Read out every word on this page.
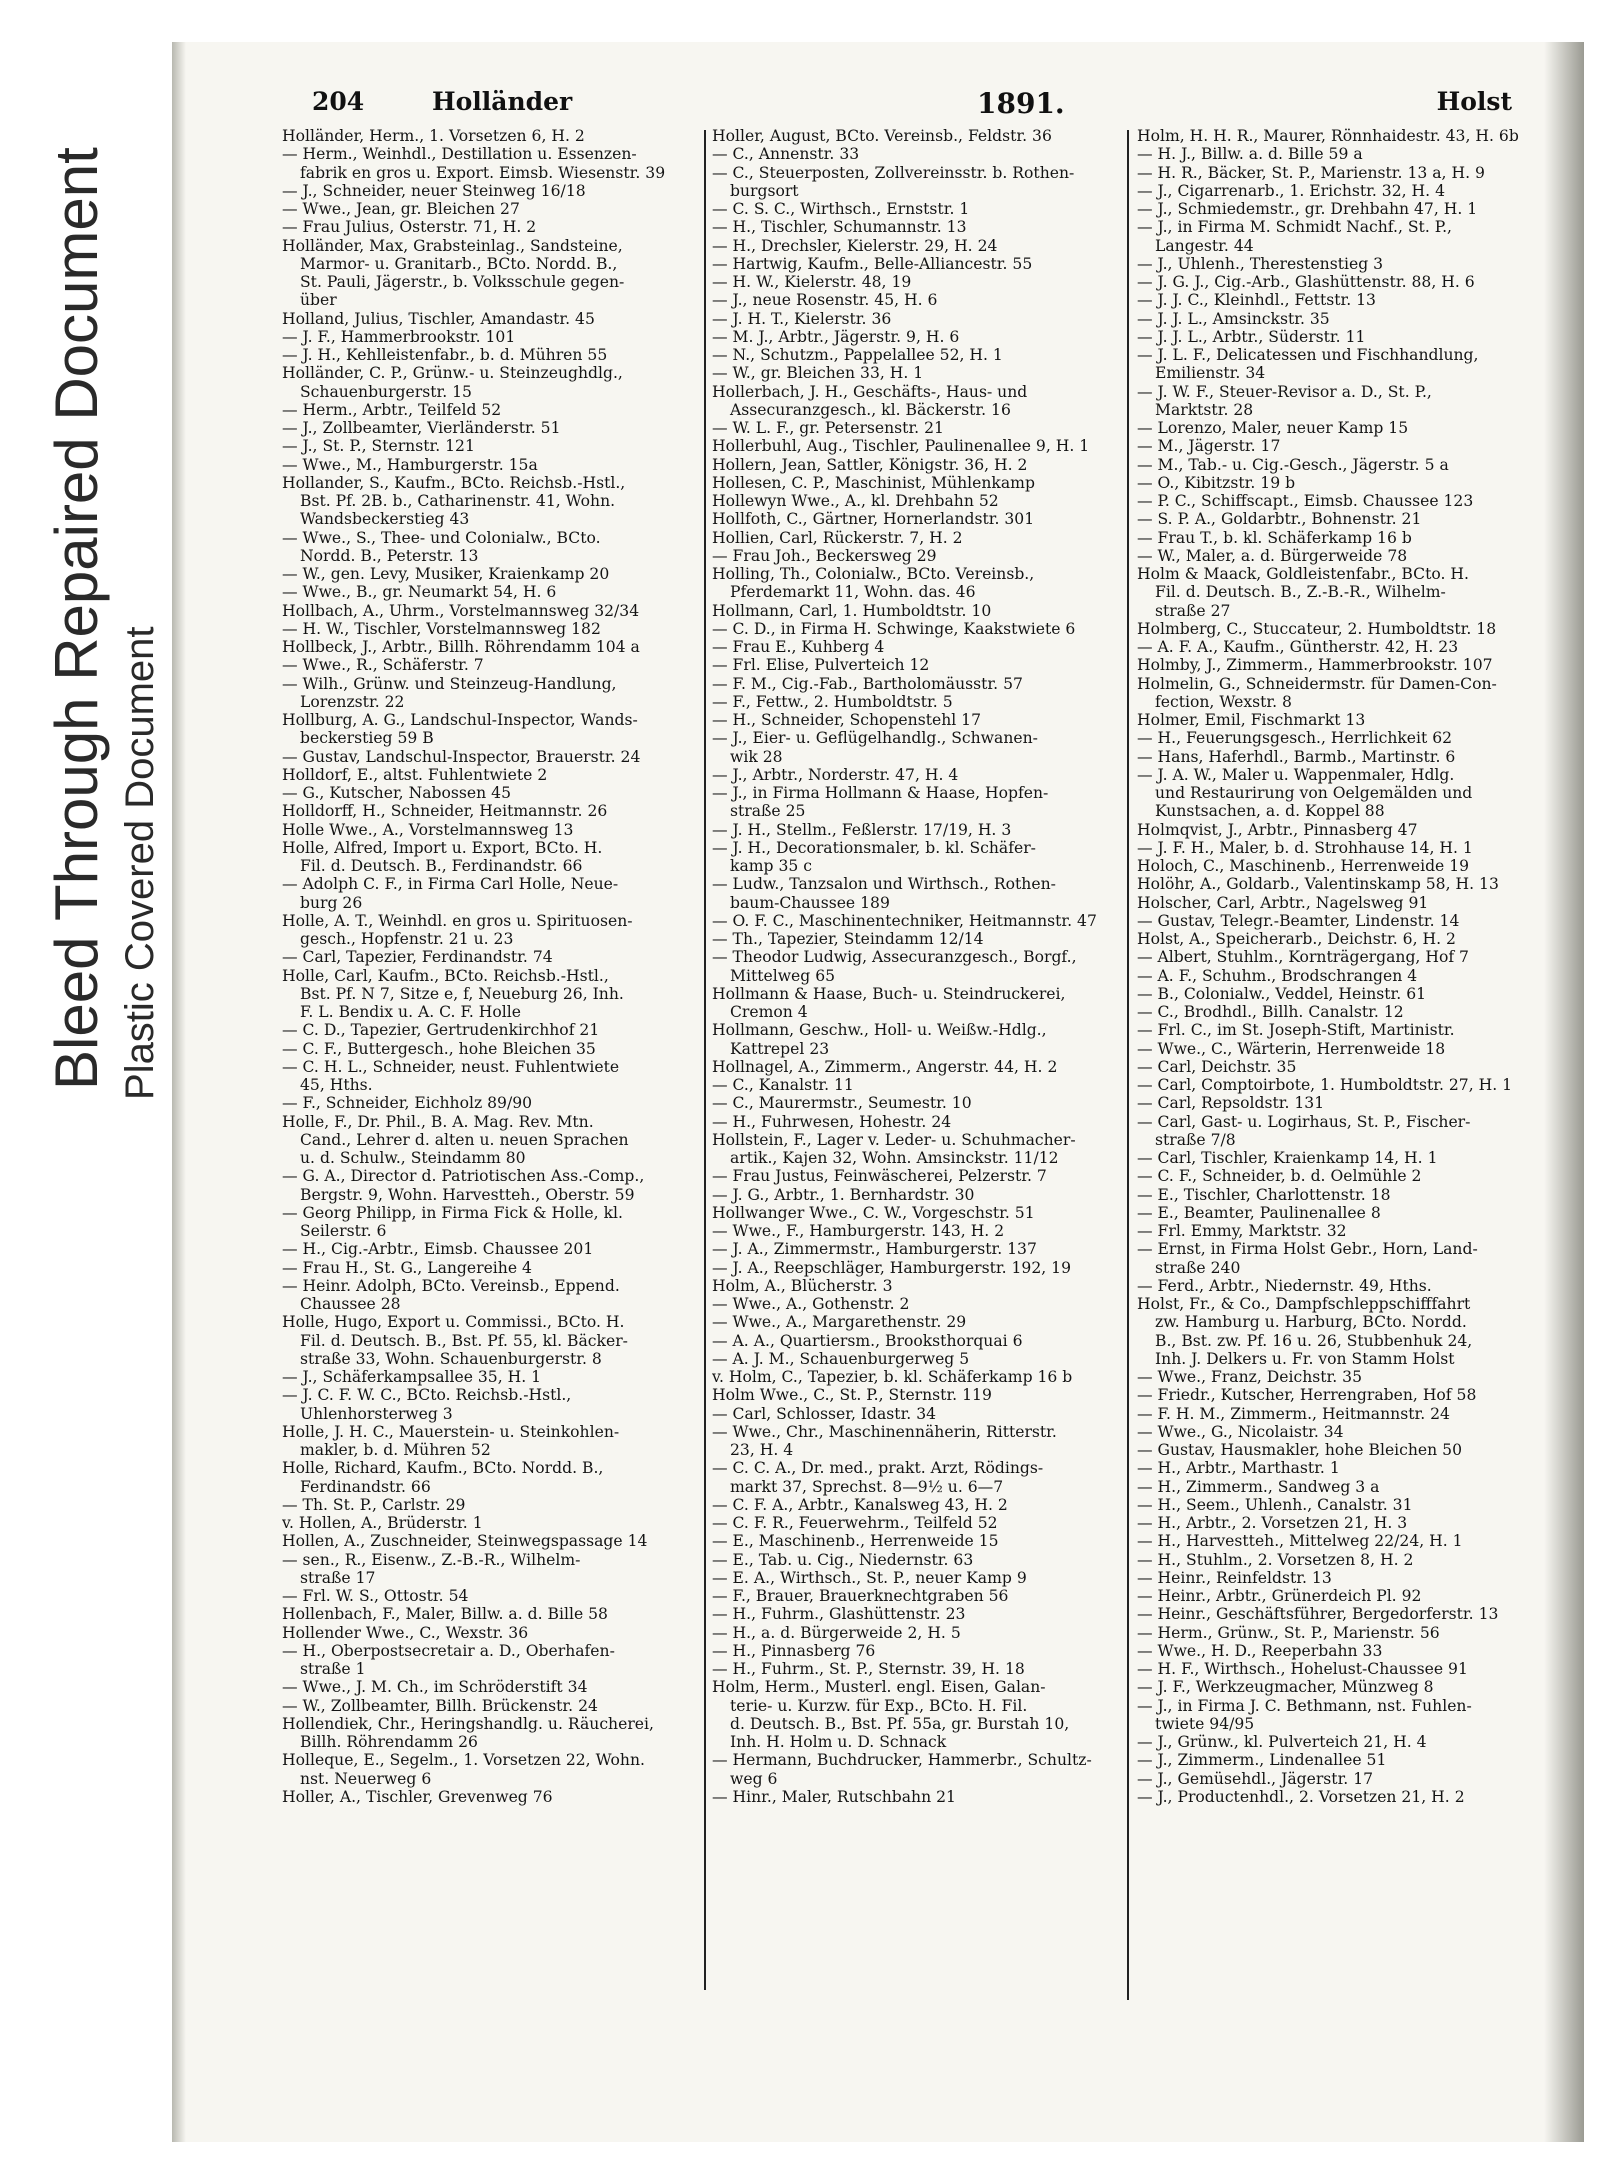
Bleed Through Repaired Document Plastic Covered Document
204	Holländer	1891.	Holst
Holländer, Herm., 1. Vorsetzen 6, H. 2
— Herm., Weinhdl., Destillation u. Essenzen-
fabrik en gros u. Export. Eimsb. Wiesenstr. 39
— J., Schneider, neuer Steinweg 16/18
— Wwe., Jean, gr. Bleichen 27
— Frau Julius, Osterstr. 71, H. 2
Holländer, Max, Grabsteinlag., Sandsteine,
Marmor- u. Granitarb., BCto. Nordd. B.,
St. Pauli, Jägerstr., b. Volksschule gegen-
über
Holland, Julius, Tischler, Amandastr. 45
— J. F., Hammerbrookstr. 101
— J. H., Kehlleistenfabr., b. d. Mühren 55
Holländer, C. P., Grünw.- u. Steinzeughdlg.,
Schauenburgerstr. 15
— Herm., Arbtr., Teilfeld 52
— J., Zollbeamter, Vierländerstr. 51
— J., St. P., Sternstr. 121
— Wwe., M., Hamburgerstr. 15a
Hollander, S., Kaufm., BCto. Reichsb.-Hstl.,
Bst. Pf. 2B. b., Catharinenstr. 41, Wohn.
Wandsbeckerstieg 43
— Wwe., S., Thee- und Colonialw., BCto.
Nordd. B., Peterstr. 13
— W., gen. Levy, Musiker, Kraienkamp 20
— Wwe., B., gr. Neumarkt 54, H. 6
Hollbach, A., Uhrm., Vorstelmannsweg 32/34
— H. W., Tischler, Vorstelmannsweg 182
Hollbeck, J., Arbtr., Billh. Röhrendamm 104 a
— Wwe., R., Schäferstr. 7
— Wilh., Grünw. und Steinzeug-Handlung,
Lorenzstr. 22
Hollburg, A. G., Landschul-Inspector, Wands-
beckerstieg 59 B
— Gustav, Landschul-Inspector, Brauerstr. 24
Holldorf, E., altst. Fuhlentwiete 2
— G., Kutscher, Nabossen 45
Holldorff, H., Schneider, Heitmannstr. 26
Holle Wwe., A., Vorstelmannsweg 13
Holle, Alfred, Import u. Export, BCto. H.
Fil. d. Deutsch. B., Ferdinandstr. 66
— Adolph C. F., in Firma Carl Holle, Neue-
burg 26
Holle, A. T., Weinhdl. en gros u. Spirituosen-
gesch., Hopfenstr. 21 u. 23
— Carl, Tapezier, Ferdinandstr. 74
Holle, Carl, Kaufm., BCto. Reichsb.-Hstl.,
Bst. Pf. N 7, Sitze e, f, Neueburg 26, Inh.
F. L. Bendix u. A. C. F. Holle
— C. D., Tapezier, Gertrudenkirchhof 21
— C. F., Buttergesch., hohe Bleichen 35
— C. H. L., Schneider, neust. Fuhlentwiete
45, Hths.
— F., Schneider, Eichholz 89/90
Holle, F., Dr. Phil., B. A. Mag. Rev. Mtn.
Cand., Lehrer d. alten u. neuen Sprachen
u. d. Schulw., Steindamm 80
— G. A., Director d. Patriotischen Ass.-Comp.,
Bergstr. 9, Wohn. Harvestteh., Oberstr. 59
— Georg Philipp, in Firma Fick & Holle, kl.
Seilerstr. 6
— H., Cig.-Arbtr., Eimsb. Chaussee 201
— Frau H., St. G., Langereihe 4
— Heinr. Adolph, BCto. Vereinsb., Eppend.
Chaussee 28
Holle, Hugo, Export u. Commissi., BCto. H.
Fil. d. Deutsch. B., Bst. Pf. 55, kl. Bäcker-
straße 33, Wohn. Schauenburgerstr. 8
— J., Schäferkampsallee 35, H. 1
— J. C. F. W. C., BCto. Reichsb.-Hstl.,
Uhlenhorsterweg 3
Holle, J. H. C., Mauerstein- u. Steinkohlen-
makler, b. d. Mühren 52
Holle, Richard, Kaufm., BCto. Nordd. B.,
Ferdinandstr. 66
— Th. St. P., Carlstr. 29
v. Hollen, A., Brüderstr. 1
Hollen, A., Zuschneider, Steinwegspassage 14
— sen., R., Eisenw., Z.-B.-R., Wilhelm-
straße 17
— Frl. W. S., Ottostr. 54
Hollenbach, F., Maler, Billw. a. d. Bille 58
Hollender Wwe., C., Wexstr. 36
— H., Oberpostsecretair a. D., Oberhafen-
straße 1
— Wwe., J. M. Ch., im Schröderstift 34
— W., Zollbeamter, Billh. Brückenstr. 24
Hollendiek, Chr., Heringshandlg. u. Räucherei,
Billh. Röhrendamm 26
Holleque, E., Segelm., 1. Vorsetzen 22, Wohn.
nst. Neuerweg 6
Holler, A., Tischler, Grevenweg 76
Holler, August, BCto. Vereinsb., Feldstr. 36
— C., Annenstr. 33
— C., Steuerposten, Zollvereinsstr. b. Rothen-
burgsort
— C. S. C., Wirthsch., Ernststr. 1
— H., Tischler, Schumannstr. 13
— H., Drechsler, Kielerstr. 29, H. 24
— Hartwig, Kaufm., Belle-Alliancestr. 55
— H. W., Kielerstr. 48, 19
— J., neue Rosenstr. 45, H. 6
— J. H. T., Kielerstr. 36
— M. J., Arbtr., Jägerstr. 9, H. 6
— N., Schutzm., Pappelallee 52, H. 1
— W., gr. Bleichen 33, H. 1
Hollerbach, J. H., Geschäfts-, Haus- und
Assecuranzgesch., kl. Bäckerstr. 16
— W. L. F., gr. Petersenstr. 21
Hollerbuhl, Aug., Tischler, Paulinenallee 9, H. 1
Hollern, Jean, Sattler, Königstr. 36, H. 2
Hollesen, C. P., Maschinist, Mühlenkamp
Hollewyn Wwe., A., kl. Drehbahn 52
Hollfoth, C., Gärtner, Hornerlandstr. 301
Hollien, Carl, Rückerstr. 7, H. 2
— Frau Joh., Beckersweg 29
Holling, Th., Colonialw., BCto. Vereinsb.,
Pferdemarkt 11, Wohn. das. 46
Hollmann, Carl, 1. Humboldtstr. 10
— C. D., in Firma H. Schwinge, Kaakstwiete 6
— Frau E., Kuhberg 4
— Frl. Elise, Pulverteich 12
— F. M., Cig.-Fab., Bartholomäusstr. 57
— F., Fettw., 2. Humboldtstr. 5
— H., Schneider, Schopenstehl 17
— J., Eier- u. Geflügelhandlg., Schwanen-
wik 28
— J., Arbtr., Norderstr. 47, H. 4
— J., in Firma Hollmann & Haase, Hopfen-
straße 25
— J. H., Stellm., Feßlerstr. 17/19, H. 3
— J. H., Decorationsmaler, b. kl. Schäfer-
kamp 35 c
— Ludw., Tanzsalon und Wirthsch., Rothen-
baum-Chaussee 189
— O. F. C., Maschinentechniker, Heitmannstr. 47
— Th., Tapezier, Steindamm 12/14
— Theodor Ludwig, Assecuranzgesch., Borgf.,
Mittelweg 65
Hollmann & Haase, Buch- u. Steindruckerei,
Cremon 4
Hollmann, Geschw., Holl- u. Weißw.-Hdlg.,
Kattrepel 23
Hollnagel, A., Zimmerm., Angerstr. 44, H. 2
— C., Kanalstr. 11
— C., Maurermstr., Seumestr. 10
— H., Fuhrwesen, Hohestr. 24
Hollstein, F., Lager v. Leder- u. Schuhmacher-
artik., Kajen 32, Wohn. Amsinckstr. 11/12
— Frau Justus, Feinwäscherei, Pelzerstr. 7
— J. G., Arbtr., 1. Bernhardstr. 30
Hollwanger Wwe., C. W., Vorgeschstr. 51
— Wwe., F., Hamburgerstr. 143, H. 2
— J. A., Zimmermstr., Hamburgerstr. 137
— J. A., Reepschläger, Hamburgerstr. 192, 19
Holm, A., Blücherstr. 3
— Wwe., A., Gothenstr. 2
— Wwe., A., Margarethenstr. 29
— A. A., Quartiersm., Brooksthorquai 6
— A. J. M., Schauenburgerweg 5
v. Holm, C., Tapezier, b. kl. Schäferkamp 16 b
Holm Wwe., C., St. P., Sternstr. 119
— Carl, Schlosser, Idastr. 34
— Wwe., Chr., Maschinennäherin, Ritterstr.
23, H. 4
— C. C. A., Dr. med., prakt. Arzt, Rödings-
markt 37, Sprechst. 8—9½ u. 6—7
— C. F. A., Arbtr., Kanalsweg 43, H. 2
— C. F. R., Feuerwehrm., Teilfeld 52
— E., Maschinenb., Herrenweide 15
— E., Tab. u. Cig., Niedernstr. 63
— E. A., Wirthsch., St. P., neuer Kamp 9
— F., Brauer, Brauerknechtgraben 56
— H., Fuhrm., Glashüttenstr. 23
— H., a. d. Bürgerweide 2, H. 5
— H., Pinnasberg 76
— H., Fuhrm., St. P., Sternstr. 39, H. 18
Holm, Herm., Musterl. engl. Eisen, Galan-
terie- u. Kurzw. für Exp., BCto. H. Fil.
d. Deutsch. B., Bst. Pf. 55a, gr. Burstah 10,
Inh. H. Holm u. D. Schnack
— Hermann, Buchdrucker, Hammerbr., Schultz-
weg 6
— Hinr., Maler, Rutschbahn 21
Holm, H. H. R., Maurer, Rönnhaidestr. 43, H. 6b
— H. J., Billw. a. d. Bille 59 a
— H. R., Bäcker, St. P., Marienstr. 13 a, H. 9
— J., Cigarrenarb., 1. Erichstr. 32, H. 4
— J., Schmiedemstr., gr. Drehbahn 47, H. 1
— J., in Firma M. Schmidt Nachf., St. P.,
Langestr. 44
— J., Uhlenh., Therestenstieg 3
— J. G. J., Cig.-Arb., Glashüttenstr. 88, H. 6
— J. J. C., Kleinhdl., Fettstr. 13
— J. J. L., Amsinckstr. 35
— J. J. L., Arbtr., Süderstr. 11
— J. L. F., Delicatessen und Fischhandlung,
Emilienstr. 34
— J. W. F., Steuer-Revisor a. D., St. P.,
Marktstr. 28
— Lorenzo, Maler, neuer Kamp 15
— M., Jägerstr. 17
— M., Tab.- u. Cig.-Gesch., Jägerstr. 5 a
— O., Kibitzstr. 19 b
— P. C., Schiffscapt., Eimsb. Chaussee 123
— S. P. A., Goldarbtr., Bohnenstr. 21
— Frau T., b. kl. Schäferkamp 16 b
— W., Maler, a. d. Bürgerweide 78
Holm & Maack, Goldleistenfabr., BCto. H.
Fil. d. Deutsch. B., Z.-B.-R., Wilhelm-
straße 27
Holmberg, C., Stuccateur, 2. Humboldtstr. 18
— A. F. A., Kaufm., Güntherstr. 42, H. 23
Holmby, J., Zimmerm., Hammerbrookstr. 107
Holmelin, G., Schneidermstr. für Damen-Con-
fection, Wexstr. 8
Holmer, Emil, Fischmarkt 13
— H., Feuerungsgesch., Herrlichkeit 62
— Hans, Haferhdl., Barmb., Martinstr. 6
— J. A. W., Maler u. Wappenmaler, Hdlg.
und Restaurirung von Oelgemälden und
Kunstsachen, a. d. Koppel 88
Holmqvist, J., Arbtr., Pinnasberg 47
— J. F. H., Maler, b. d. Strohhause 14, H. 1
Holoch, C., Maschinenb., Herrenweide 19
Holöhr, A., Goldarb., Valentinskamp 58, H. 13
Holscher, Carl, Arbtr., Nagelsweg 91
— Gustav, Telegr.-Beamter, Lindenstr. 14
Holst, A., Speicherarb., Deichstr. 6, H. 2
— Albert, Stuhlm., Kornträgergang, Hof 7
— A. F., Schuhm., Brodschrangen 4
— B., Colonialw., Veddel, Heinstr. 61
— C., Brodhdl., Billh. Canalstr. 12
— Frl. C., im St. Joseph-Stift, Martinistr.
— Wwe., C., Wärterin, Herrenweide 18
— Carl, Deichstr. 35
— Carl, Comptoirbote, 1. Humboldtstr. 27, H. 1
— Carl, Repsoldstr. 131
— Carl, Gast- u. Logirhaus, St. P., Fischer-
straße 7/8
— Carl, Tischler, Kraienkamp 14, H. 1
— C. F., Schneider, b. d. Oelmühle 2
— E., Tischler, Charlottenstr. 18
— E., Beamter, Paulinenallee 8
— Frl. Emmy, Marktstr. 32
— Ernst, in Firma Holst Gebr., Horn, Land-
straße 240
— Ferd., Arbtr., Niedernstr. 49, Hths.
Holst, Fr., & Co., Dampfschleppschifffahrt
zw. Hamburg u. Harburg, BCto. Nordd.
B., Bst. zw. Pf. 16 u. 26, Stubbenhuk 24,
Inh. J. Delkers u. Fr. von Stamm Holst
— Wwe., Franz, Deichstr. 35
— Friedr., Kutscher, Herrengraben, Hof 58
— F. H. M., Zimmerm., Heitmannstr. 24
— Wwe., G., Nicolaistr. 34
— Gustav, Hausmakler, hohe Bleichen 50
— H., Arbtr., Marthastr. 1
— H., Zimmerm., Sandweg 3 a
— H., Seem., Uhlenh., Canalstr. 31
— H., Arbtr., 2. Vorsetzen 21, H. 3
— H., Harvestteh., Mittelweg 22/24, H. 1
— H., Stuhlm., 2. Vorsetzen 8, H. 2
— Heinr., Reinfeldstr. 13
— Heinr., Arbtr., Grünerdeich Pl. 92
— Heinr., Geschäftsführer, Bergedorferstr. 13
— Herm., Grünw., St. P., Marienstr. 56
— Wwe., H. D., Reeperbahn 33
— H. F., Wirthsch., Hohelust-Chaussee 91
— J. F., Werkzeugmacher, Münzweg 8
— J., in Firma J. C. Bethmann, nst. Fuhlen-
twiete 94/95
— J., Grünw., kl. Pulverteich 21, H. 4
— J., Zimmerm., Lindenallee 51
— J., Gemüsehdl., Jägerstr. 17
— J., Productenhdl., 2. Vorsetzen 21, H. 2
